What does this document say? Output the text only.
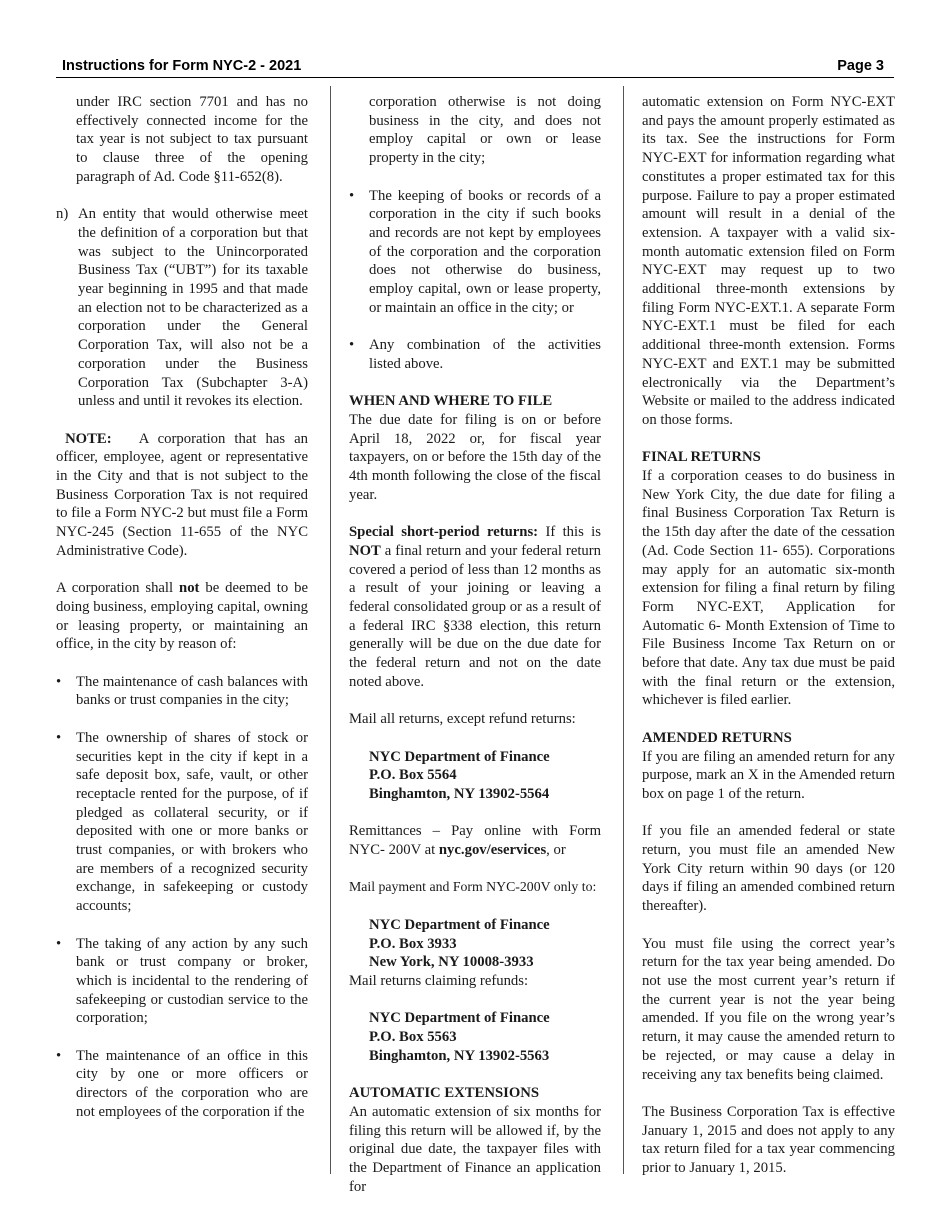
Instructions for Form NYC-2 - 2021	Page 3

under IRC section 7701 and has no effectively connected income for the tax year is not subject to tax pursuant to clause three of the opening paragraph of Ad. Code §11-652(8).

n) An entity that would otherwise meet the definition of a corporation but that was subject to the Unincorporated Business Tax (“UBT”) for its taxable year beginning in 1995 and that made an election not to be characterized as a corporation under the General Corporation Tax, will also not be a corporation under the Business Corporation Tax (Subchapter 3-A) unless and until it revokes its election.

NOTE: A corporation that has an officer, employee, agent or representative in the City and that is not subject to the Business Corporation Tax is not required to file a Form NYC-2 but must file a Form NYC-245 (Section 11-655 of the NYC Administrative Code).

A corporation shall not be deemed to be doing business, employing capital, owning or leasing property, or maintaining an office, in the city by reason of:

• The maintenance of cash balances with banks or trust companies in the city;

• The ownership of shares of stock or securities kept in the city if kept in a safe deposit box, safe, vault, or other receptacle rented for the purpose, of if pledged as collateral security, or if deposited with one or more banks or trust companies, or with brokers who are members of a recognized security exchange, in safekeeping or custody accounts;

• The taking of any action by any such bank or trust company or broker, which is incidental to the rendering of safekeeping or custodian service to the corporation;

• The maintenance of an office in this city by one or more officers or directors of the corporation who are not employees of the corporation if the

corporation otherwise is not doing business in the city, and does not employ capital or own or lease property in the city;

• The keeping of books or records of a corporation in the city if such books and records are not kept by employees of the corporation and the corporation does not otherwise do business, employ capital, own or lease property, or maintain an office in the city; or

• Any combination of the activities listed above.

WHEN AND WHERE TO FILE

The due date for filing is on or before April 18, 2022 or, for fiscal year taxpayers, on or before the 15th day of the 4th month following the close of the fiscal year.

Special short-period returns: If this is NOT a final return and your federal return covered a period of less than 12 months as a result of your joining or leaving a federal consolidated group or as a result of a federal IRC §338 election, this return generally will be due on the due date for the federal return and not on the date noted above.

Mail all returns, except refund returns:

NYC Department of Finance
P.O. Box 5564
Binghamton, NY 13902-5564

Remittances – Pay online with Form NYC- 200V at nyc.gov/eservices, or

Mail payment and Form NYC-200V only to:

NYC Department of Finance
P.O. Box 3933
New York, NY 10008-3933

Mail returns claiming refunds:

NYC Department of Finance
P.O. Box 5563
Binghamton, NY 13902-5563
AUTOMATIC EXTENSIONS

An automatic extension of six months for filing this return will be allowed if, by the original due date, the taxpayer files with the Department of Finance an application for

automatic extension on Form NYC-EXT and pays the amount properly estimated as its tax. See the instructions for Form NYC-EXT for information regarding what constitutes a proper estimated tax for this purpose. Failure to pay a proper estimated amount will result in a denial of the extension. A taxpayer with a valid six-month automatic extension filed on Form NYC-EXT may request up to two additional three-month extensions by filing Form NYC-EXT.1. A separate Form NYC-EXT.1 must be filed for each additional three-month extension. Forms NYC-EXT and EXT.1 may be submitted electronically via the Department’s Website or mailed to the address indicated on those forms.

FINAL RETURNS

If a corporation ceases to do business in New York City, the due date for filing a final Business Corporation Tax Return is the 15th day after the date of the cessation (Ad. Code Section 11- 655). Corporations may apply for an automatic six-month extension for filing a final return by filing Form NYC-EXT, Application for Automatic 6- Month Extension of Time to File Business Income Tax Return on or before that date. Any tax due must be paid with the final return or the extension, whichever is filed earlier.

AMENDED RETURNS

If you are filing an amended return for any purpose, mark an X in the Amended return box on page 1 of the return.

If you file an amended federal or state return, you must file an amended New York City return within 90 days (or 120 days if filing an amended combined return thereafter).

You must file using the correct year’s return for the tax year being amended. Do not use the most current year’s return if the current year is not the year being amended. If you file on the wrong year’s return, it may cause the amended return to be rejected, or may cause a delay in receiving any tax benefits being claimed.

The Business Corporation Tax is effective January 1, 2015 and does not apply to any tax return filed for a tax year commencing prior to January 1, 2015.
